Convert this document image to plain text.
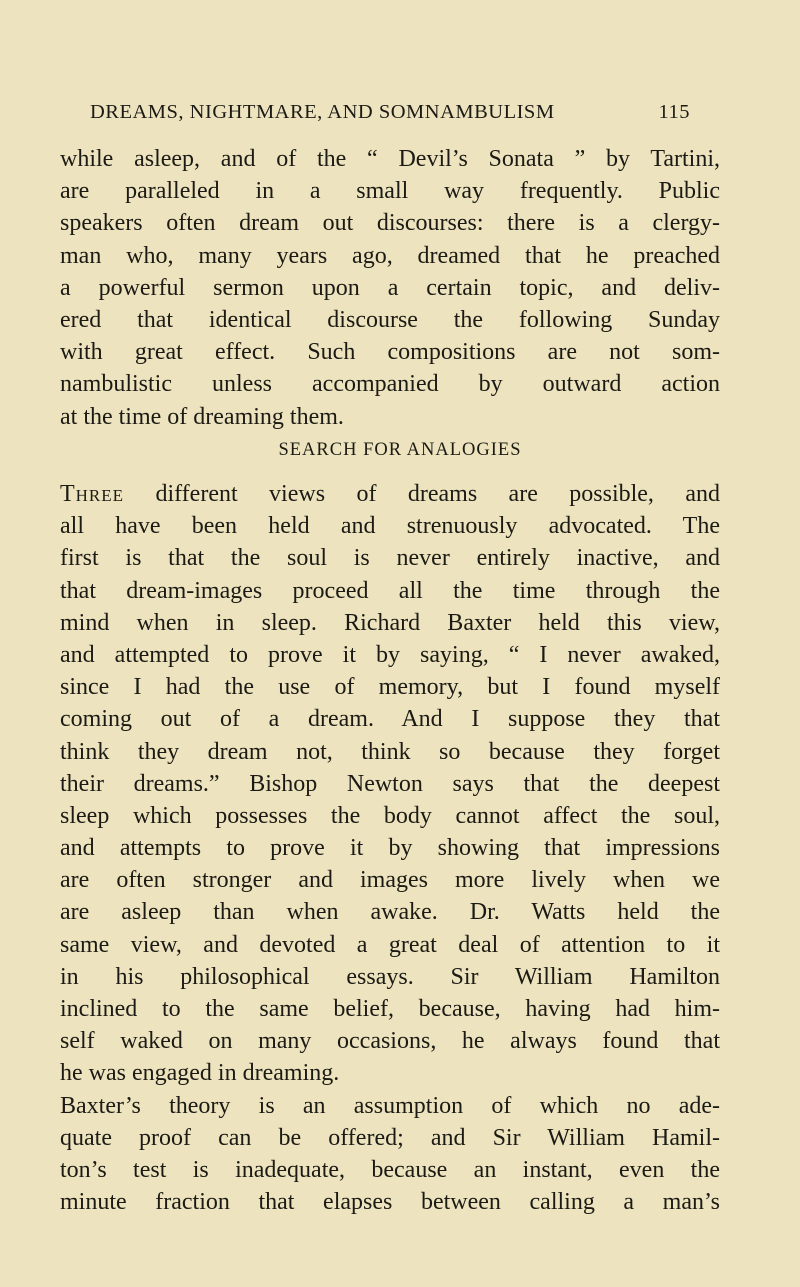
DREAMS, NIGHTMARE, AND SOMNAMBULISM	115
while asleep, and of the “ Devil’s Sonata ” by Tartini,
are paralleled in a small way frequently. Public
speakers often dream out discourses: there is a clergy-
man who, many years ago, dreamed that he preached
a powerful sermon upon a certain topic, and deliv-
ered that identical discourse the following Sunday
with great effect. Such compositions are not som-
nambulistic unless accompanied by outward action
at the time of dreaming them.
SEARCH FOR ANALOGIES
Three different views of dreams are possible, and
all have been held and strenuously advocated. The
first is that the soul is never entirely inactive, and
that dream-images proceed all the time through the
mind when in sleep. Richard Baxter held this view,
and attempted to prove it by saying, “ I never awaked,
since I had the use of memory, but I found myself
coming out of a dream. And I suppose they that
think they dream not, think so because they forget
their dreams.” Bishop Newton says that the deepest
sleep which possesses the body cannot affect the soul,
and attempts to prove it by showing that impressions
are often stronger and images more lively when we
are asleep than when awake. Dr. Watts held the
same view, and devoted a great deal of attention to it
in his philosophical essays. Sir William Hamilton
inclined to the same belief, because, having had him-
self waked on many occasions, he always found that
he was engaged in dreaming.
Baxter’s theory is an assumption of which no ade-
quate proof can be offered; and Sir William Hamil-
ton’s test is inadequate, because an instant, even the
minute fraction that elapses between calling a man’s
